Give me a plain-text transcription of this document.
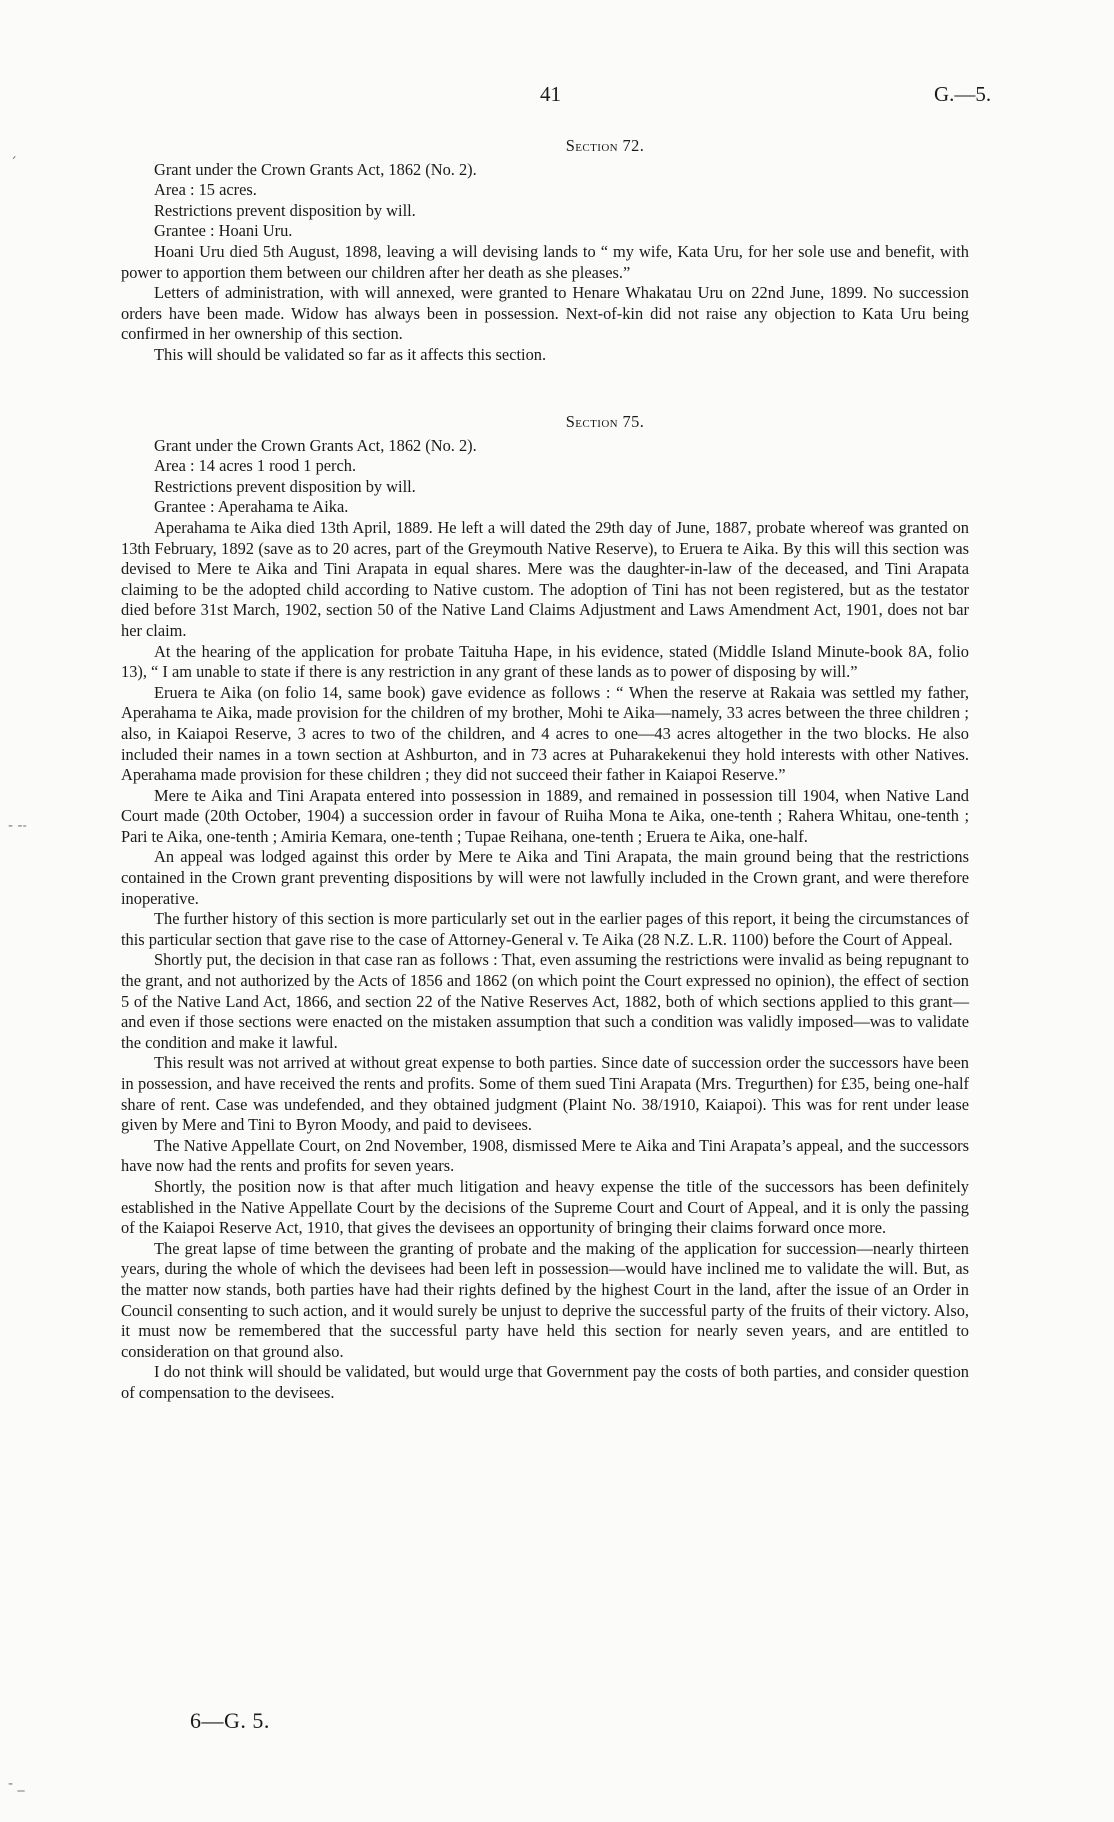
41	G.—5.
Section 72.

Grant under the Crown Grants Act, 1862 (No. 2).

Area : 15 acres.

Restrictions prevent disposition by will.

Grantee : Hoani Uru.

Hoani Uru died 5th August, 1898, leaving a will devising lands to “ my wife, Kata Uru, for her sole use and benefit, with power to apportion them between our children after her death as she pleases.”

Letters of administration, with will annexed, were granted to Henare Whakatau Uru on 22nd June, 1899. No succession orders have been made. Widow has always been in possession. Next-of-kin did not raise any objection to Kata Uru being confirmed in her ownership of this section.

This will should be validated so far as it affects this section.

Section 75.

Grant under the Crown Grants Act, 1862 (No. 2).

Area : 14 acres 1 rood 1 perch.

Restrictions prevent disposition by will.

Grantee : Aperahama te Aika.

Aperahama te Aika died 13th April, 1889. He left a will dated the 29th day of June, 1887, probate whereof was granted on 13th February, 1892 (save as to 20 acres, part of the Greymouth Native Reserve), to Eruera te Aika. By this will this section was devised to Mere te Aika and Tini Arapata in equal shares. Mere was the daughter-in-law of the deceased, and Tini Arapata claiming to be the adopted child according to Native custom. The adoption of Tini has not been registered, but as the testator died before 31st March, 1902, section 50 of the Native Land Claims Adjustment and Laws Amendment Act, 1901, does not bar her claim.

At the hearing of the application for probate Taituha Hape, in his evidence, stated (Middle Island Minute-book 8A, folio 13), “ I am unable to state if there is any restriction in any grant of these lands as to power of disposing by will.”

Eruera te Aika (on folio 14, same book) gave evidence as follows : “ When the reserve at Rakaia was settled my father, Aperahama te Aika, made provision for the children of my brother, Mohi te Aika—namely, 33 acres between the three children ; also, in Kaiapoi Reserve, 3 acres to two of the children, and 4 acres to one—43 acres altogether in the two blocks. He also included their names in a town section at Ashburton, and in 73 acres at Puharakekenui they hold interests with other Natives. Aperahama made provision for these children ; they did not succeed their father in Kaiapoi Reserve.”

Mere te Aika and Tini Arapata entered into possession in 1889, and remained in possession till 1904, when Native Land Court made (20th October, 1904) a succession order in favour of Ruiha Mona te Aika, one-tenth ; Rahera Whitau, one-tenth ; Pari te Aika, one-tenth ; Amiria Kemara, one-tenth ; Tupae Reihana, one-tenth ; Eruera te Aika, one-half.

An appeal was lodged against this order by Mere te Aika and Tini Arapata, the main ground being that the restrictions contained in the Crown grant preventing dispositions by will were not lawfully included in the Crown grant, and were therefore inoperative.

The further history of this section is more particularly set out in the earlier pages of this report, it being the circumstances of this particular section that gave rise to the case of Attorney-General v. Te Aika (28 N.Z. L.R. 1100) before the Court of Appeal.

Shortly put, the decision in that case ran as follows : That, even assuming the restrictions were invalid as being repugnant to the grant, and not authorized by the Acts of 1856 and 1862 (on which point the Court expressed no opinion), the effect of section 5 of the Native Land Act, 1866, and section 22 of the Native Reserves Act, 1882, both of which sections applied to this grant—and even if those sections were enacted on the mistaken assumption that such a condition was validly imposed—was to validate the condition and make it lawful.

This result was not arrived at without great expense to both parties. Since date of succession order the successors have been in possession, and have received the rents and profits. Some of them sued Tini Arapata (Mrs. Tregurthen) for £35, being one-half share of rent. Case was undefended, and they obtained judgment (Plaint No. 38/1910, Kaiapoi). This was for rent under lease given by Mere and Tini to Byron Moody, and paid to devisees.

The Native Appellate Court, on 2nd November, 1908, dismissed Mere te Aika and Tini Arapata’s appeal, and the successors have now had the rents and profits for seven years.

Shortly, the position now is that after much litigation and heavy expense the title of the successors has been definitely established in the Native Appellate Court by the decisions of the Supreme Court and Court of Appeal, and it is only the passing of the Kaiapoi Reserve Act, 1910, that gives the devisees an opportunity of bringing their claims forward once more.

The great lapse of time between the granting of probate and the making of the application for succession—nearly thirteen years, during the whole of which the devisees had been left in possession—would have inclined me to validate the will. But, as the matter now stands, both parties have had their rights defined by the highest Court in the land, after the issue of an Order in Council consenting to such action, and it would surely be unjust to deprive the successful party of the fruits of their victory. Also, it must now be remembered that the successful party have held this section for nearly seven years, and are entitled to consideration on that ground also.

I do not think will should be validated, but would urge that Government pay the costs of both parties, and consider question of compensation to the devisees.

6—G. 5.
ˊ
- -˗
- _
